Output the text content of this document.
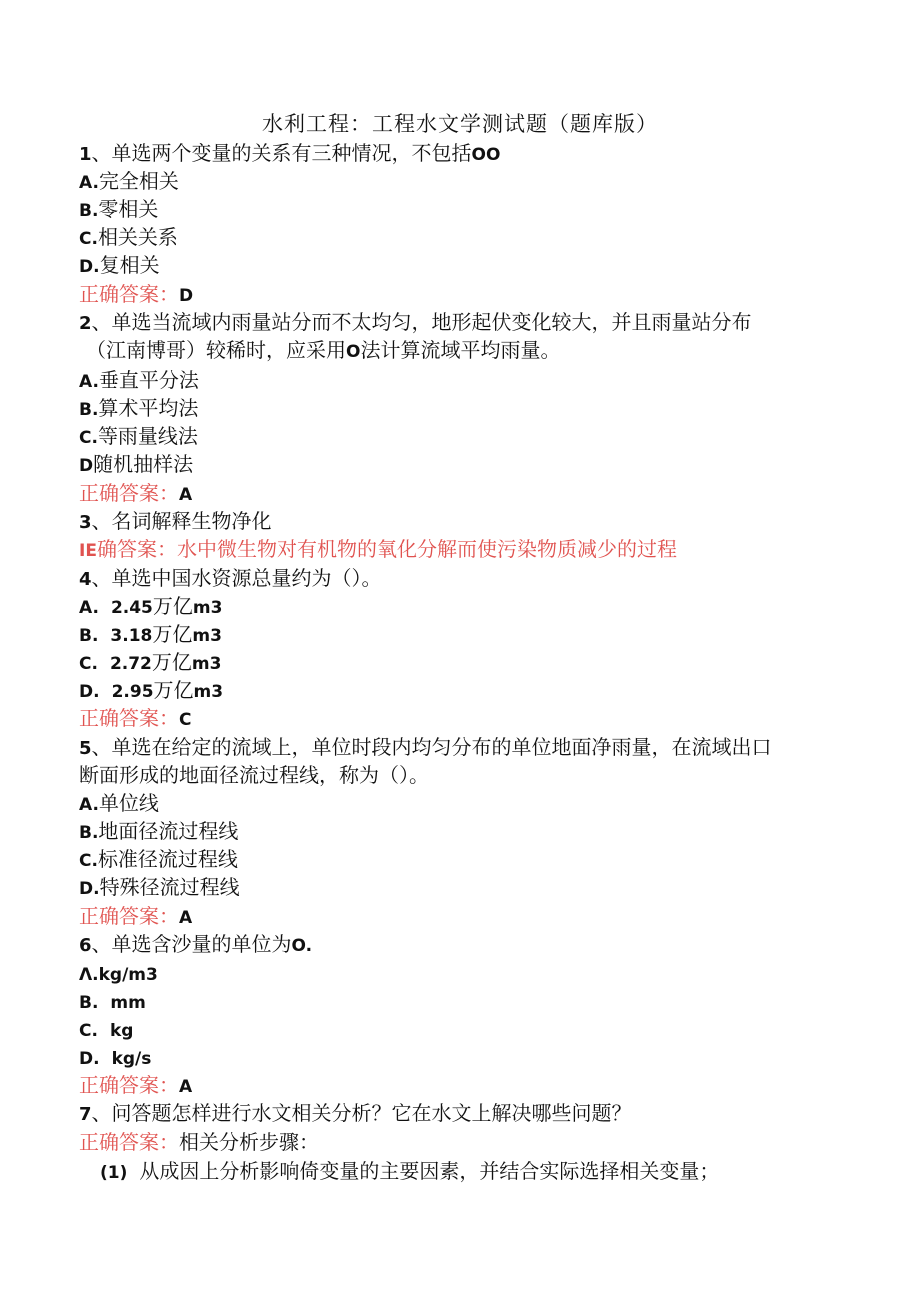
水利工程：工程水文学测试题（题库版）
1、单选两个变量的关系有三种情况，不包括OO
A.完全相关
B.零相关
C.相关关系
D.复相关
正确答案：D
2、单选当流域内雨量站分而不太均匀，地形起伏变化较大，并且雨量站分布
（江南博哥）较稀时，应采用O法计算流域平均雨量。
A.垂直平分法
B.算术平均法
C.等雨量线法
D随机抽样法
正确答案：A
3、名词解释生物净化
IE确答案：水中微生物对有机物的氧化分解而使污染物质减少的过程
4、单选中国水资源总量约为（）。
A. 2.45万亿m3
B. 3.18万亿m3
C. 2.72万亿m3
D. 2.95万亿m3
正确答案：C
5、单选在给定的流域上，单位时段内均匀分布的单位地面净雨量，在流域出口
断面形成的地面径流过程线，称为（）。
A.单位线
B.地面径流过程线
C.标准径流过程线
D.特殊径流过程线
正确答案：A
6、单选含沙量的单位为O.
Λ.kg/m3
B. mm
C. kg
D. kg/s
正确答案：A
7、问答题怎样进行水文相关分析？它在水文上解决哪些问题？
正确答案：相关分析步骤：
(1) 从成因上分析影响倚变量的主要因素，并结合实际选择相关变量；
